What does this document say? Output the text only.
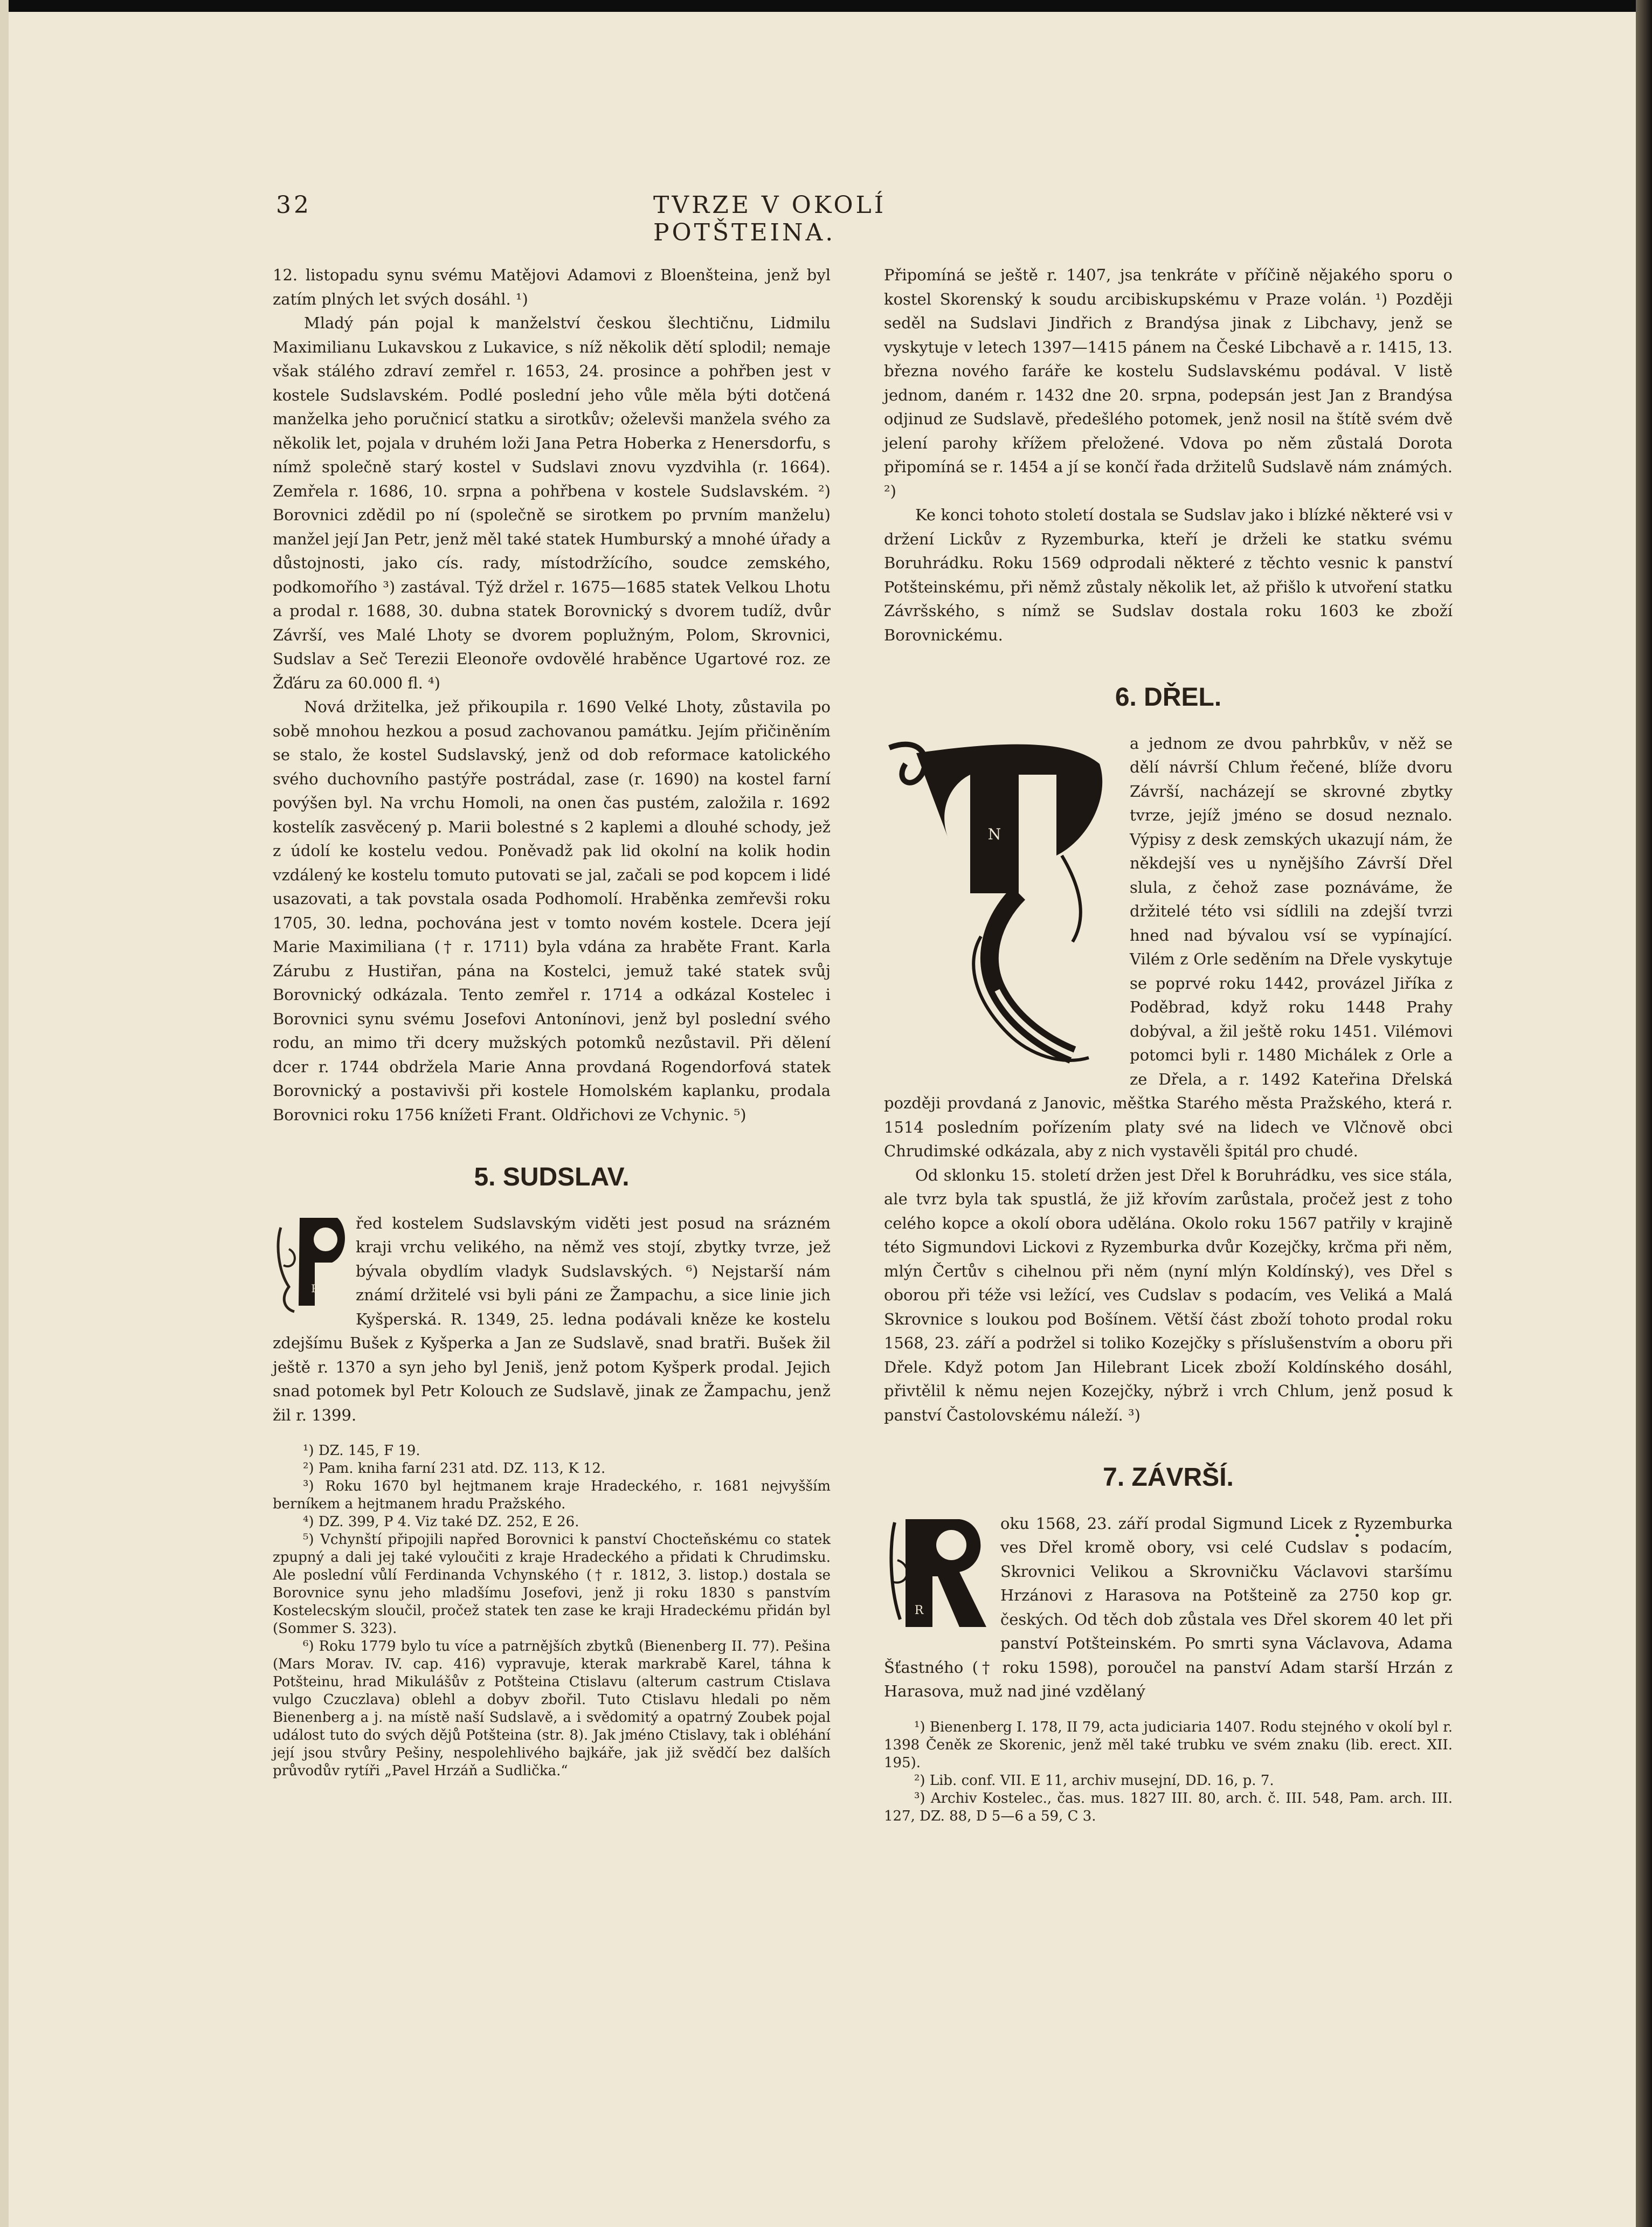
32	TVRZE V OKOLÍ POTŠTEINA.

12. listopadu synu svému Matějovi Adamovi z Bloenšteina, jenž byl zatím plných let svých dosáhl. ¹)

Mladý pán pojal k manželství českou šlechtičnu, Lidmilu Maximilianu Lukavskou z Lukavice, s níž několik dětí splodil; nemaje však stálého zdraví zemřel r. 1653, 24. prosince a pohřben jest v kostele Sudslavském. Podlé poslední jeho vůle měla býti dotčená manželka jeho poručnicí statku a sirotkův; oželevši manžela svého za několik let, pojala v druhém loži Jana Petra Hoberka z Henersdorfu, s nímž společně starý kostel v Sudslavi znovu vyzdvihla (r. 1664). Zemřela r. 1686, 10. srpna a pohřbena v kostele Sudslavském. ²) Borovnici zdědil po ní (společně se sirotkem po prvním manželu) manžel její Jan Petr, jenž měl také statek Humburský a mnohé úřady a důstojnosti, jako cís. rady, místodržícího, soudce zemského, podkomořího ³) zastával. Týž držel r. 1675—1685 statek Velkou Lhotu a prodal r. 1688, 30. dubna statek Borovnický s dvorem tudíž, dvůr Závrší, ves Malé Lhoty se dvorem poplužným, Polom, Skrovnici, Sudslav a Seč Terezii Eleonoře ovdovělé hraběnce Ugartové roz. ze Žďáru za 60.000 fl. ⁴)

Nová držitelka, jež přikoupila r. 1690 Velké Lhoty, zůstavila po sobě mnohou hezkou a posud zachovanou památku. Jejím přičiněním se stalo, že kostel Sudslavský, jenž od dob reformace katolického svého duchovního pastýře postrádal, zase (r. 1690) na kostel farní povýšen byl. Na vrchu Homoli, na onen čas pustém, založila r. 1692 kostelík zasvěcený p. Marii bolestné s 2 kaplemi a dlouhé schody, jež z údolí ke kostelu vedou. Poněvadž pak lid okolní na kolik hodin vzdálený ke kostelu tomuto putovati se jal, začali se pod kopcem i lidé usazovati, a tak povstala osada Podhomolí. Hraběnka zemřevši roku 1705, 30. ledna, pochována jest v tomto novém kostele. Dcera její Marie Maximiliana († r. 1711) byla vdána za hraběte Frant. Karla Zárubu z Hustiřan, pána na Kostelci, jemuž také statek svůj Borovnický odkázala. Tento zemřel r. 1714 a odkázal Kostelec i Borovnici synu svému Josefovi Antonínovi, jenž byl poslední svého rodu, an mimo tři dcery mužských potomků nezůstavil. Při dělení dcer r. 1744 obdržela Marie Anna provdaná Rogendorfová statek Borovnický a postavivši při kostele Homolském kaplanku, prodala Borovnici roku 1756 knížeti Frant. Oldřichovi ze Vchynic. ⁵)

5. SUDSLAV.
P

řed kostelem Sudslavským viděti jest posud na srázném kraji vrchu velikého, na němž ves stojí, zbytky tvrze, jež bývala obydlím vladyk Sudslavských. ⁶) Nejstarší nám známí držitelé vsi byli páni ze Žampachu, a sice linie jich Kyšperská. R. 1349, 25. ledna podávali kněze ke kostelu zdejšímu Bušek z Kyšperka a Jan ze Sudslavě, snad bratři. Bušek žil ještě r. 1370 a syn jeho byl Jeniš, jenž potom Kyšperk prodal. Jejich snad potomek byl Petr Kolouch ze Sudslavě, jinak ze Žampachu, jenž žil r. 1399.

¹) DZ. 145, F 19.

²) Pam. kniha farní 231 atd. DZ. 113, K 12.

³) Roku 1670 byl hejtmanem kraje Hradeckého, r. 1681 nejvyšším berníkem a hejtmanem hradu Pražského.

⁴) DZ. 399, P 4. Viz také DZ. 252, E 26.

⁵) Vchynští připojili napřed Borovnici k panství Chocteňskému co statek zpupný a dali jej také vyloučiti z kraje Hradeckého a přidati k Chrudimsku. Ale poslední vůlí Ferdinanda Vchynského († r. 1812, 3. listop.) dostala se Borovnice synu jeho mladšímu Josefovi, jenž ji roku 1830 s panstvím Kostelecským sloučil, pročež statek ten zase ke kraji Hradeckému přidán byl (Sommer S. 323).

⁶) Roku 1779 bylo tu více a patrnějších zbytků (Bienenberg II. 77). Pešina (Mars Morav. IV. cap. 416) vypravuje, kterak markrabě Karel, táhna k Potšteinu, hrad Mikulášův z Potšteina Ctislavu (alterum castrum Ctislava vulgo Czuczlava) oblehl a dobyv zbořil. Tuto Ctislavu hledali po něm Bienenberg a j. na místě naší Sudslavě, a i svědomitý a opatrný Zoubek pojal událost tuto do svých dějů Potšteina (str. 8). Jak jméno Ctislavy, tak i obléhání její jsou stvůry Pešiny, nespolehlivého bajkáře, jak již svědčí bez dalších průvodův rytíři „Pavel Hrzáň a Sudlička.“

Připomíná se ještě r. 1407, jsa tenkráte v příčině nějakého sporu o kostel Skorenský k soudu arcibiskupskému v Praze volán. ¹) Později seděl na Sudslavi Jindřich z Brandýsa jinak z Libchavy, jenž se vyskytuje v letech 1397—1415 pánem na České Libchavě a r. 1415, 13. března nového faráře ke kostelu Sudslavskému podával. V listě jednom, daném r. 1432 dne 20. srpna, podepsán jest Jan z Brandýsa odjinud ze Sudslavě, předešlého potomek, jenž nosil na štítě svém dvě jelení parohy křížem přeložené. Vdova po něm zůstalá Dorota připomíná se r. 1454 a jí se končí řada držitelů Sudslavě nám známých. ²)

Ke konci tohoto století dostala se Sudslav jako i blízké některé vsi v držení Lickův z Ryzemburka, kteří je drželi ke statku svému Boruhrádku. Roku 1569 odprodali některé z těchto vesnic k panství Potšteinskému, při němž zůstaly několik let, až přišlo k utvoření statku Závršského, s nímž se Sudslav dostala roku 1603 ke zboží Borovnickému.

6. DŘEL.
N

a jednom ze dvou pahrbkův, v něž se dělí návrší Chlum řečené, blíže dvoru Závrší, nacházejí se skrovné zbytky tvrze, jejíž jméno se dosud neznalo. Výpisy z desk zemských ukazují nám, že někdejší ves u nynějšího Závrší Dřel slula, z čehož zase poznáváme, že držitelé této vsi sídlili na zdejší tvrzi hned nad bývalou vsí se vypínající. Vilém z Orle seděním na Dřele vyskytuje se poprvé roku 1442, provázel Jiříka z Poděbrad, když roku 1448 Prahy dobýval, a žil ještě roku 1451. Vilémovi potomci byli r. 1480 Michálek z Orle a ze Dřela, a r. 1492 Kateřina Dřelská později provdaná z Janovic, měštka Starého města Pražského, která r. 1514 posledním pořízením platy své na lidech ve Vlčnově obci Chrudimské odkázala, aby z nich vystavěli špitál pro chudé.

Od sklonku 15. století držen jest Dřel k Boruhrádku, ves sice stála, ale tvrz byla tak spustlá, že již křovím zarůstala, pročež jest z toho celého kopce a okolí obora udělána. Okolo roku 1567 patřily v krajině této Sigmundovi Lickovi z Ryzemburka dvůr Kozejčky, krčma při něm, mlýn Čertův s cihelnou při něm (nyní mlýn Koldínský), ves Dřel s oborou při téže vsi ležící, ves Cudslav s podacím, ves Veliká a Malá Skrovnice s loukou pod Bošínem. Větší část zboží tohoto prodal roku 1568, 23. září a podržel si toliko Kozejčky s příslušenstvím a oboru při Dřele. Když potom Jan Hilebrant Licek zboží Koldínského dosáhl, přivtělil k němu nejen Kozejčky, nýbrž i vrch Chlum, jenž posud k panství Častolovskému náleží. ³)

7. ZÁVRŠÍ.
R

oku 1568, 23. září prodal Sigmund Licek z Ryzemburka ves Dřel kromě obory, vsi celé Cudslav s podacím, Skrovnici Velikou a Skrovničku Václavovi staršímu Hrzánovi z Harasova na Potšteině za 2750 kop gr. českých. Od těch dob zůstala ves Dřel skorem 40 let při panství Potšteinském. Po smrti syna Václavova, Adama Šťastného († roku 1598), poroučel na panství Adam starší Hrzán z Harasova, muž nad jiné vzdělaný

¹) Bienenberg I. 178, II 79, acta judiciaria 1407. Rodu stejného v okolí byl r. 1398 Čeněk ze Skorenic, jenž měl také trubku ve svém znaku (lib. erect. XII. 195).

²) Lib. conf. VII. E 11, archiv musejní, DD. 16, p. 7.

³) Archiv Kostelec., čas. mus. 1827 III. 80, arch. č. III. 548, Pam. arch. III. 127, DZ. 88, D 5—6 a 59, C 3.
